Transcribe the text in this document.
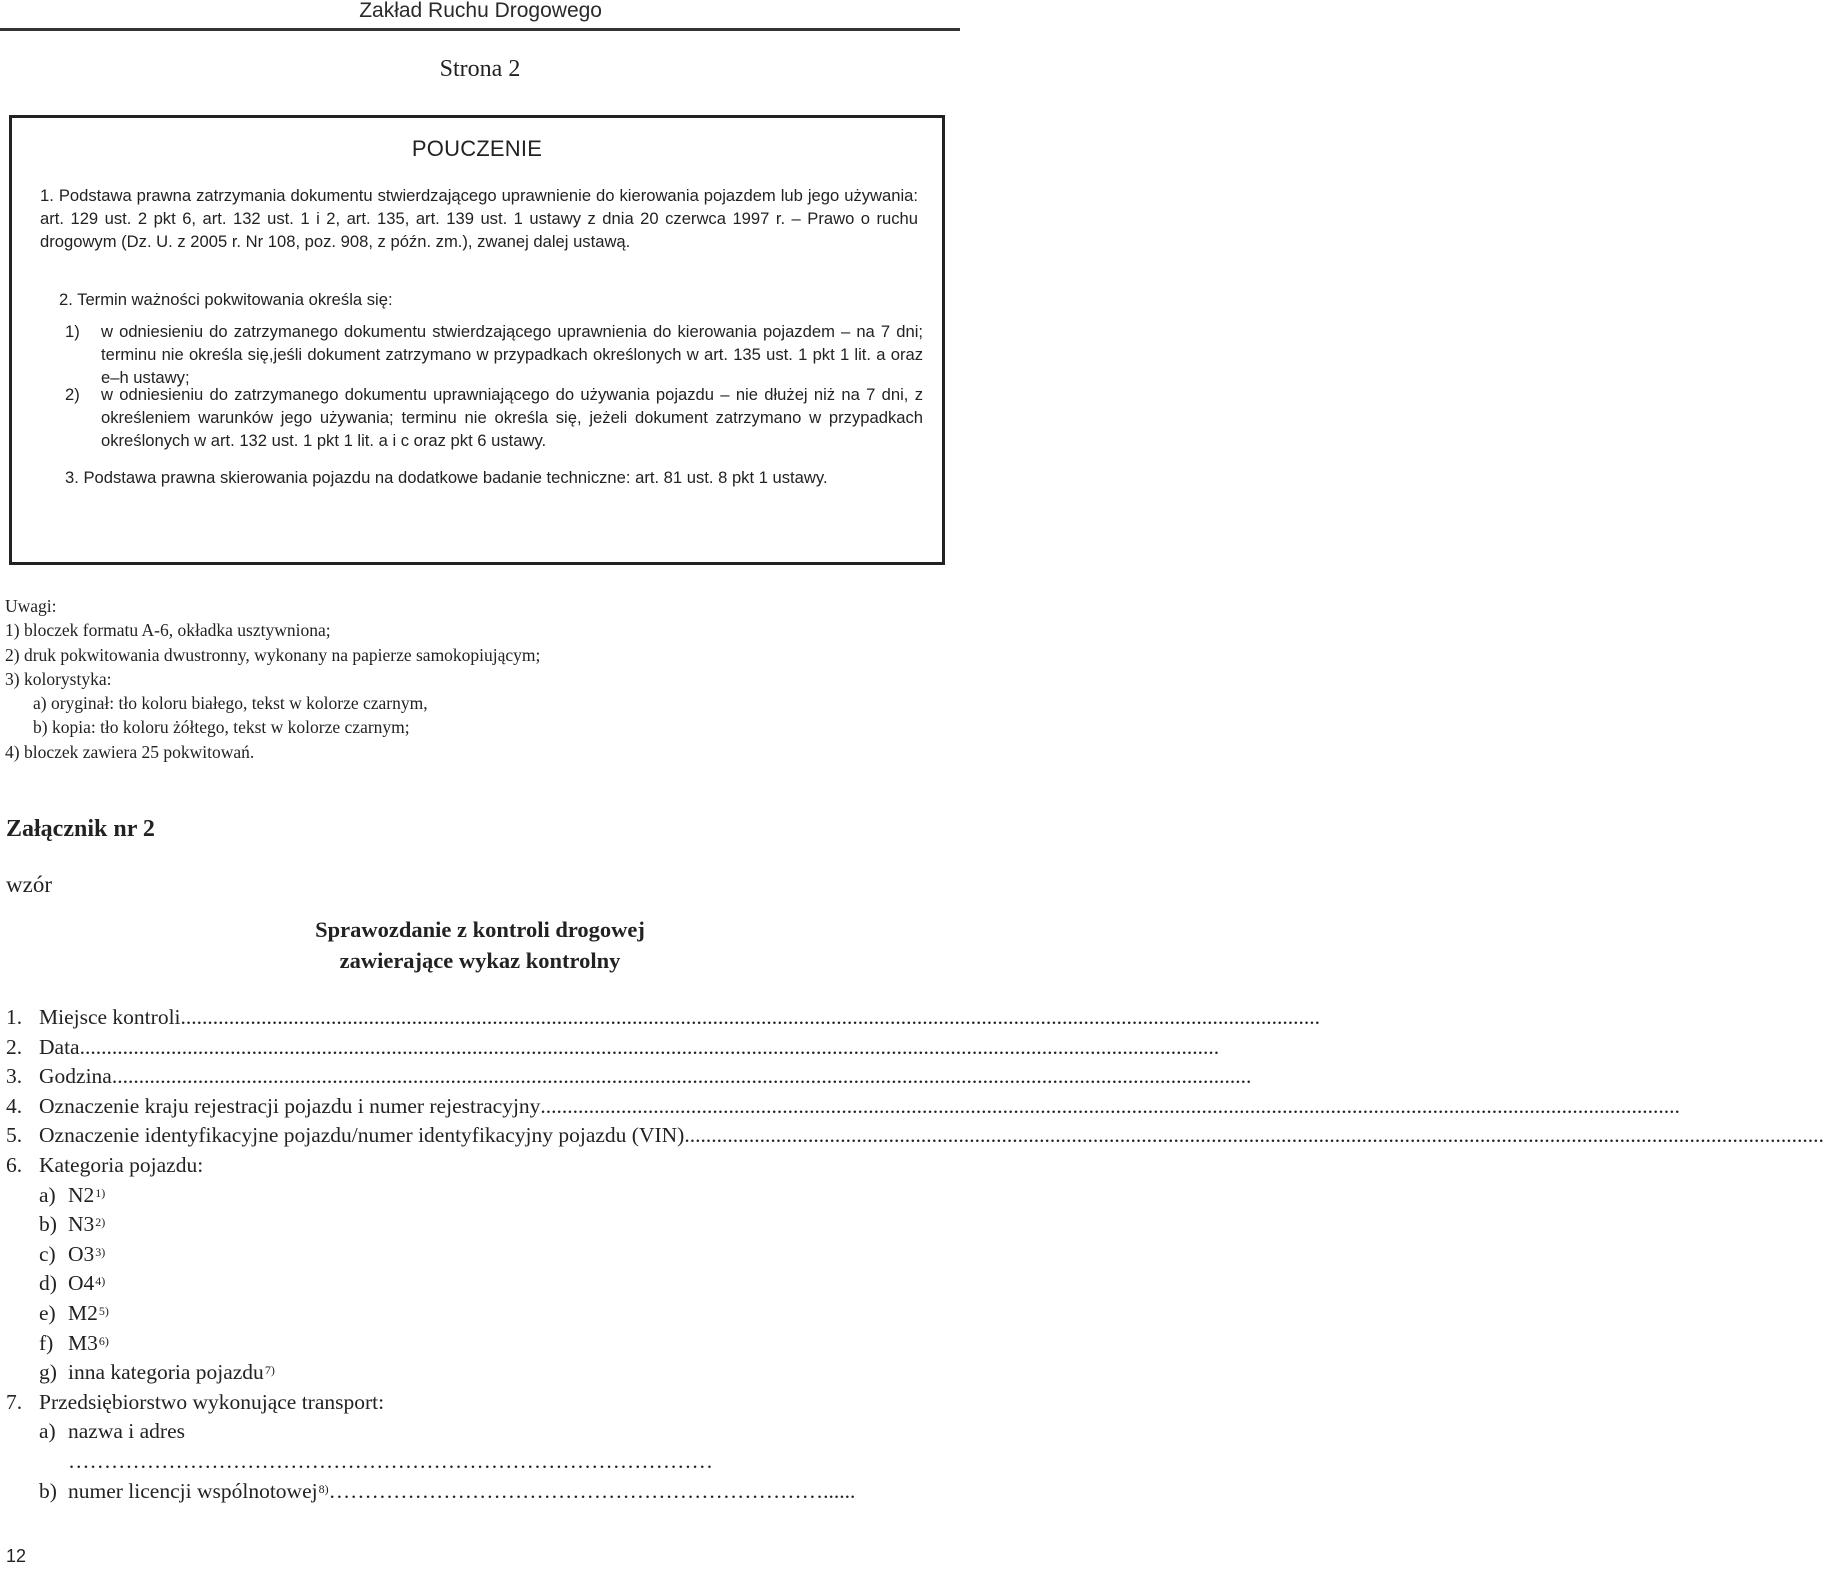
Zakład Ruchu Drogowego
Strona 2
POUCZENIE
1. Podstawa prawna zatrzymania dokumentu stwierdzającego uprawnienie do kierowania pojazdem lub jego używania: art. 129 ust. 2 pkt 6, art. 132 ust. 1 i 2, art. 135, art. 139 ust. 1 ustawy z dnia 20 czerwca 1997 r. – Prawo o ruchu drogowym (Dz. U. z 2005 r. Nr 108, poz. 908, z późn. zm.), zwanej dalej ustawą.
2. Termin ważności pokwitowania określa się:
1)	w odniesieniu do zatrzymanego dokumentu stwierdzającego uprawnienia do kierowania pojazdem – na 7 dni; terminu nie określa się,jeśli dokument zatrzymano w przypadkach określonych w art. 135 ust. 1 pkt 1 lit. a oraz e–h ustawy;
2)	w odniesieniu do zatrzymanego dokumentu uprawniającego do używania pojazdu – nie dłużej niż na 7 dni, z określeniem warunków jego używania; terminu nie określa się, jeżeli dokument zatrzymano w przypadkach określonych w art. 132 ust. 1 pkt 1 lit. a i c oraz pkt 6 ustawy.
3. Podstawa prawna skierowania pojazdu na dodatkowe badanie techniczne: art. 81 ust. 8 pkt 1 ustawy.
Uwagi:
1) bloczek formatu A-6, okładka usztywniona;
2) druk pokwitowania dwustronny, wykonany na papierze samokopiującym;
3) kolorystyka:
a) oryginał: tło koloru białego, tekst w kolorze czarnym,
b) kopia: tło koloru żółtego, tekst w kolorze czarnym;
4) bloczek zawiera 25 pokwitowań.
Załącznik nr 2
wzór
Sprawozdanie z kontroli drogowej
zawierające wykaz kontrolny
1. Miejsce kontroli ....................................................................................................................................................................................................................
2. Data ....................................................................................................................................................................................................................
3. Godzina ....................................................................................................................................................................................................................
4. Oznaczenie kraju rejestracji pojazdu i numer rejestracyjny ....................................................................................................................................................................................................................
5. Oznaczenie identyfikacyjne pojazdu/numer identyfikacyjny pojazdu (VIN) ....................................................................................................................................................................................................................
6. Kategoria pojazdu:
a) N2$^{1)}$
b) N3$^{2)}$
c) O3$^{3)}$
d) O4$^{4)}$
e) M2$^{5)}$
f) M3$^{6)}$
g) inna kategoria pojazdu$^{7)}$
7. Przedsiębiorstwo wykonujące transport:
a) nazwa i adres
………………………………………………………………………………
b) numer licencji wspólnotowej$^{8)}$ ……………………………………………………………......
12
